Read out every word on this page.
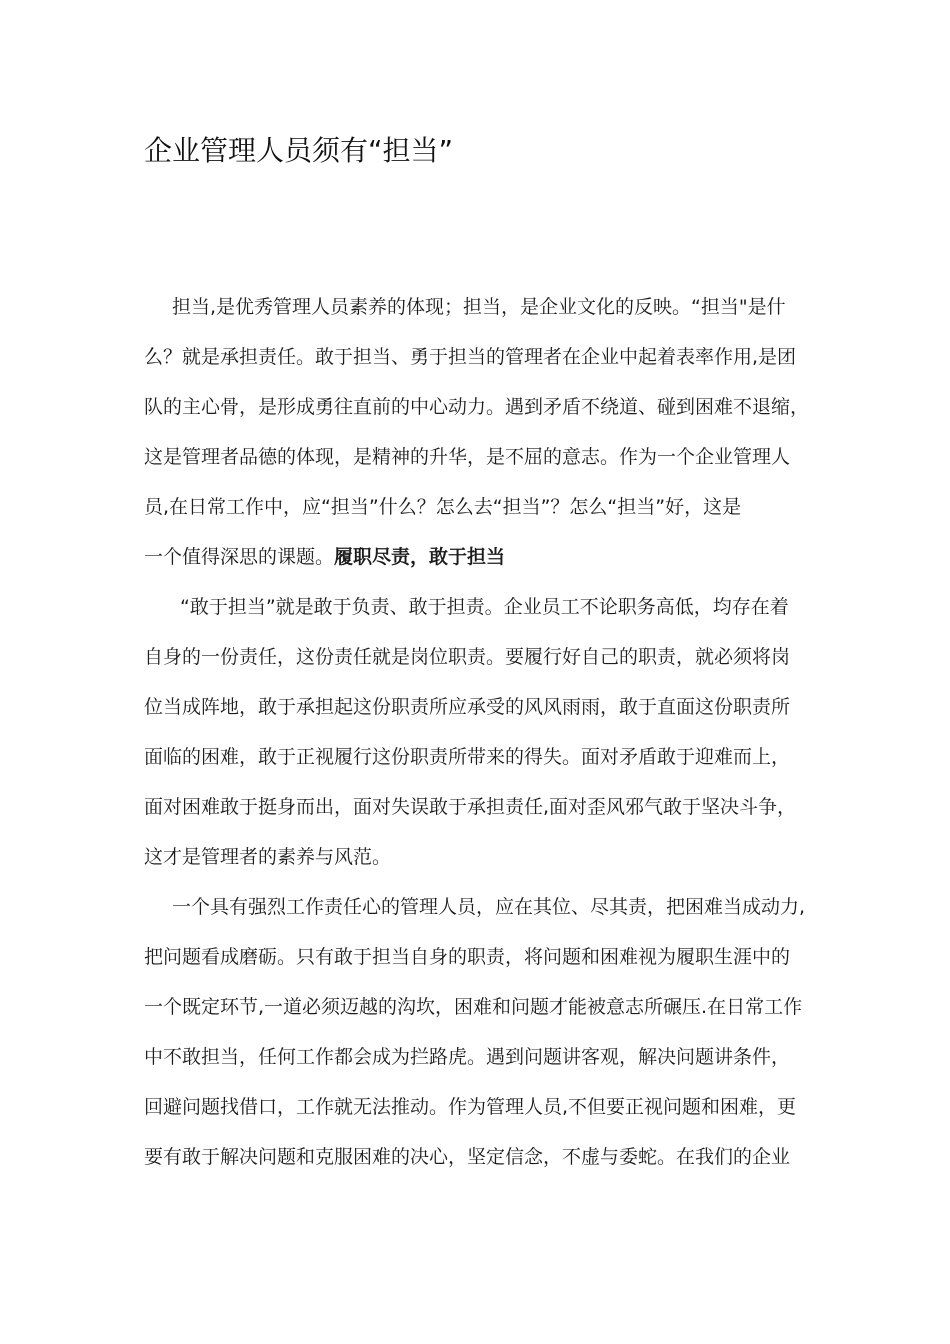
企业管理人员须有“担当”
担当,是优秀管理人员素养的体现；担当，是企业文化的反映。“担当"是什
么？就是承担责任。敢于担当、勇于担当的管理者在企业中起着表率作用,是团
队的主心骨，是形成勇往直前的中心动力。遇到矛盾不绕道、碰到困难不退缩，
这是管理者品德的体现，是精神的升华，是不屈的意志。作为一个企业管理人
员,在日常工作中，应“担当”什么？怎么去“担当”？怎么“担当”好，这是
一个值得深思的课题。履职尽责，敢于担当
“敢于担当”就是敢于负责、敢于担责。企业员工不论职务高低，均存在着
自身的一份责任，这份责任就是岗位职责。要履行好自己的职责，就必须将岗
位当成阵地，敢于承担起这份职责所应承受的风风雨雨，敢于直面这份职责所
面临的困难，敢于正视履行这份职责所带来的得失。面对矛盾敢于迎难而上，
面对困难敢于挺身而出，面对失误敢于承担责任,面对歪风邪气敢于坚决斗争，
这才是管理者的素养与风范。
一个具有强烈工作责任心的管理人员，应在其位、尽其责，把困难当成动力,
把问题看成磨砺。只有敢于担当自身的职责，将问题和困难视为履职生涯中的
一个既定环节,一道必须迈越的沟坎，困难和问题才能被意志所碾压.在日常工作
中不敢担当，任何工作都会成为拦路虎。遇到问题讲客观，解决问题讲条件，
回避问题找借口，工作就无法推动。作为管理人员,不但要正视问题和困难，更
要有敢于解决问题和克服困难的决心，坚定信念，不虚与委蛇。在我们的企业
